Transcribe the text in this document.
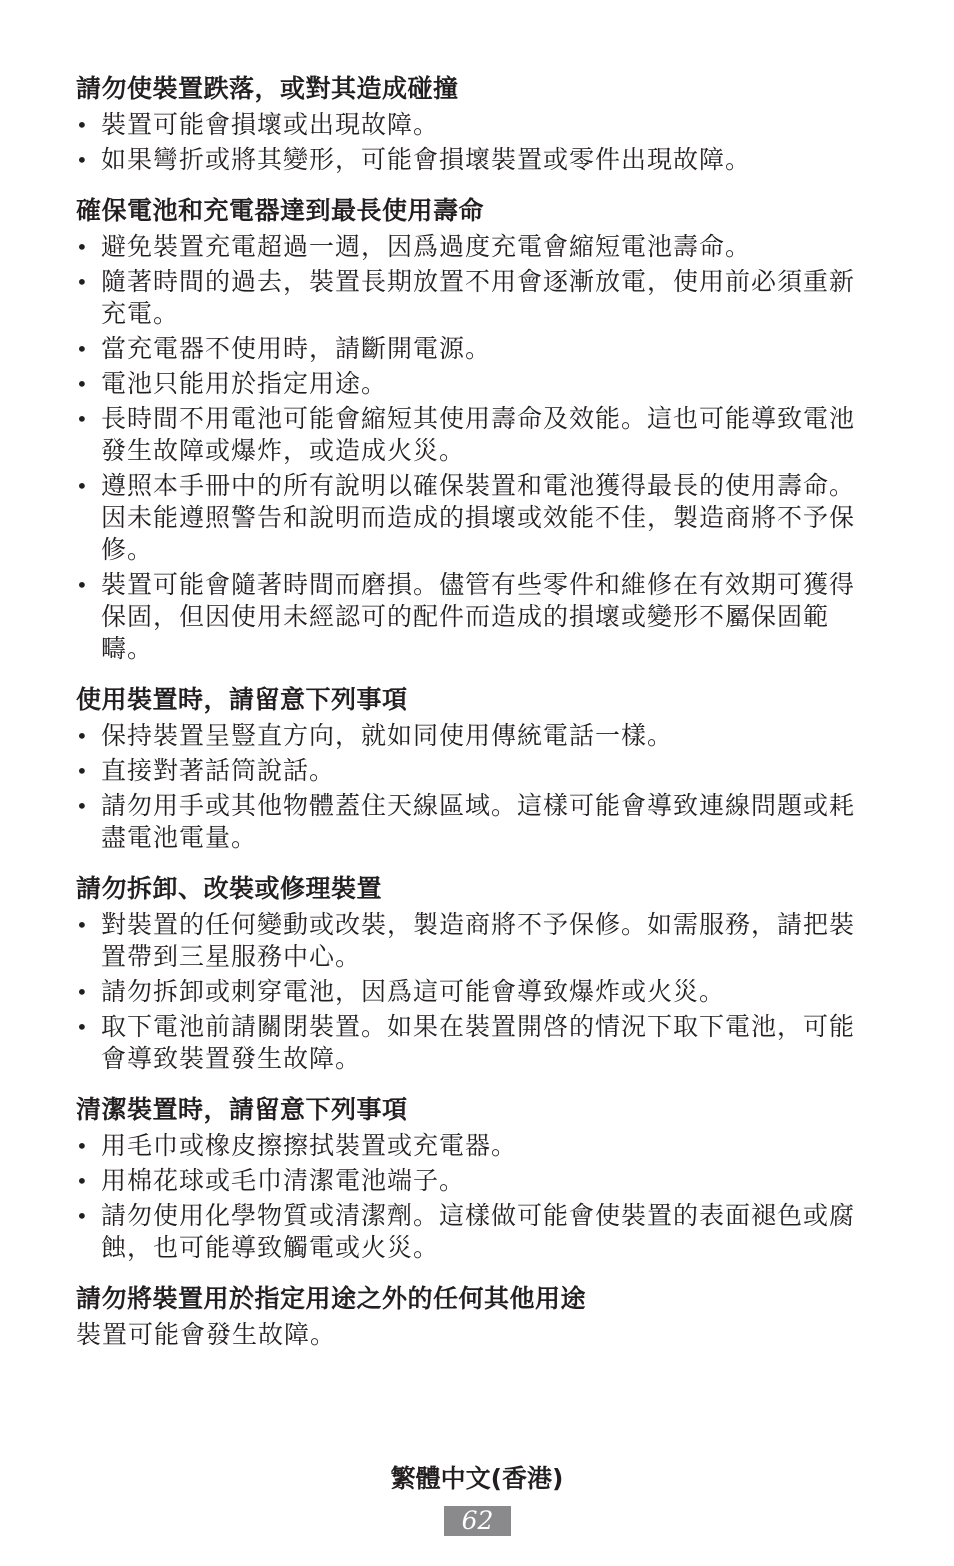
請勿使裝置跌落，或對其造成碰撞
• 裝置可能會損壞或出現故障。
• 如果彎折或將其變形，可能會損壞裝置或零件出現故障。
確保電池和充電器達到最長使用壽命
• 避免裝置充電超過一週，因爲過度充電會縮短電池壽命。
• 隨著時間的過去，裝置長期放置不用會逐漸放電，使用前必須重新充電。
• 當充電器不使用時，請斷開電源。
• 電池只能用於指定用途。
• 長時間不用電池可能會縮短其使用壽命及效能。這也可能導致電池發生故障或爆炸，或造成火災。
• 遵照本手冊中的所有說明以確保裝置和電池獲得最長的使用壽命。因未能遵照警告和說明而造成的損壞或效能不佳，製造商將不予保修。
• 裝置可能會隨著時間而磨損。儘管有些零件和維修在有效期可獲得保固，但因使用未經認可的配件而造成的損壞或變形不屬保固範疇。
使用裝置時，請留意下列事項
• 保持裝置呈豎直方向，就如同使用傳統電話一樣。
• 直接對著話筒說話。
• 請勿用手或其他物體蓋住天線區域。這樣可能會導致連線問題或耗盡電池電量。
請勿拆卸、改裝或修理裝置
• 對裝置的任何變動或改裝，製造商將不予保修。如需服務，請把裝置帶到三星服務中心。
• 請勿拆卸或刺穿電池，因爲這可能會導致爆炸或火災。
• 取下電池前請關閉裝置。如果在裝置開啓的情況下取下電池，可能會導致裝置發生故障。
清潔裝置時，請留意下列事項
• 用毛巾或橡皮擦擦拭裝置或充電器。
• 用棉花球或毛巾清潔電池端子。
• 請勿使用化學物質或清潔劑。這樣做可能會使裝置的表面褪色或腐蝕，也可能導致觸電或火災。
請勿將裝置用於指定用途之外的任何其他用途
裝置可能會發生故障。
繁體中文(香港)
62
